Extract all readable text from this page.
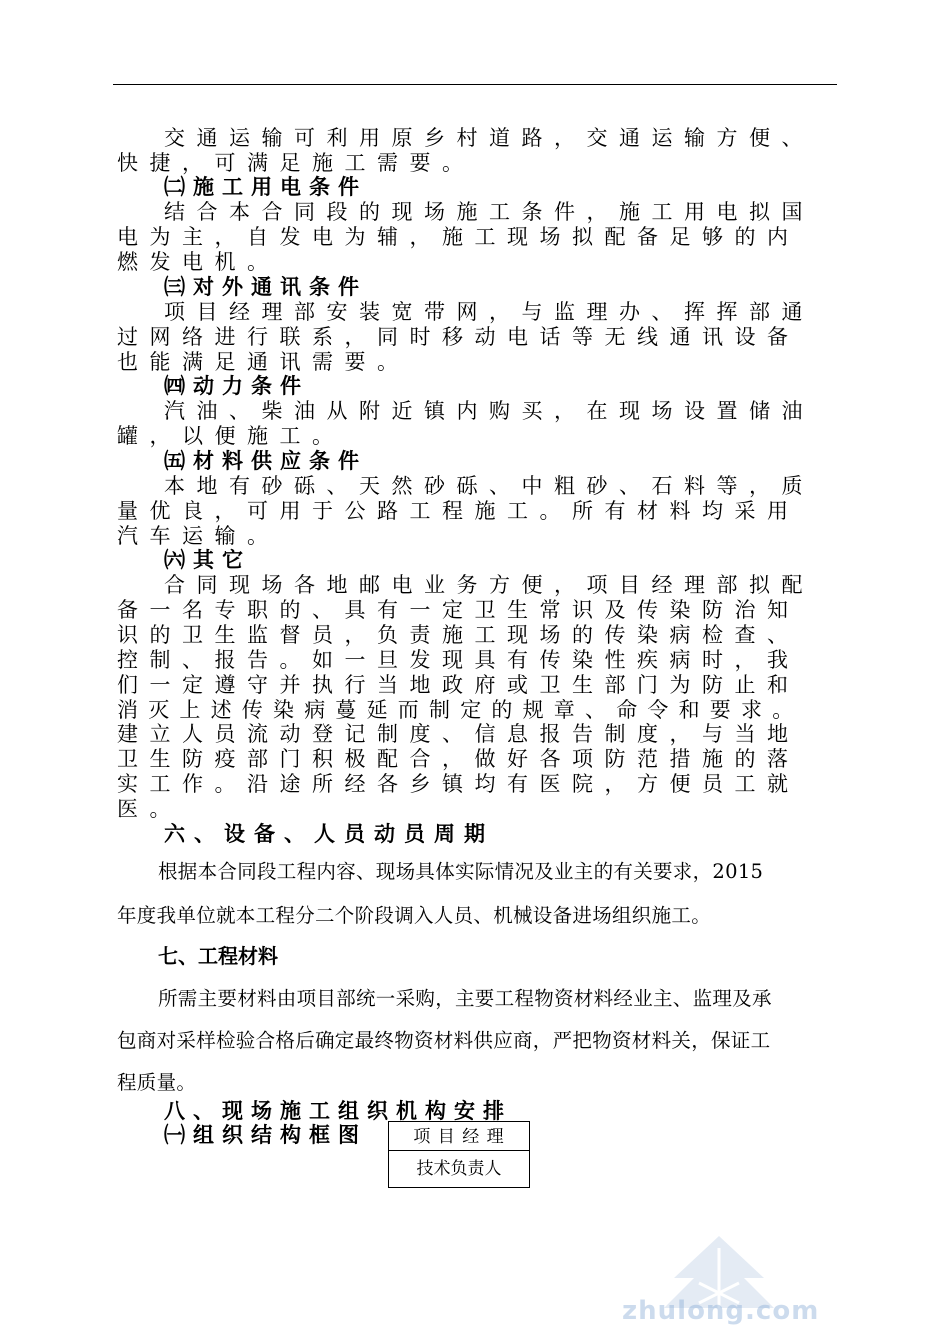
交通运输可利用原乡村道路，交通运输方便、
快捷，可满足施工需要。
㈡施工用电条件
结合本合同段的现场施工条件，施工用电拟国
电为主，自发电为辅，施工现场拟配备足够的内
燃发电机。
㈢对外通讯条件
项目经理部安装宽带网，与监理办、挥挥部通
过网络进行联系，同时移动电话等无线通讯设备
也能满足通讯需要。
㈣动力条件
汽油、柴油从附近镇内购买，在现场设置储油
罐，以便施工。
㈤材料供应条件
本地有砂砾、天然砂砾、中粗砂、石料等，质
量优良，可用于公路工程施工。所有材料均采用
汽车运输。
㈥其它
合同现场各地邮电业务方便，项目经理部拟配
备一名专职的、具有一定卫生常识及传染防治知
识的卫生监督员，负责施工现场的传染病检查、
控制、报告。如一旦发现具有传染性疾病时，我
们一定遵守并执行当地政府或卫生部门为防止和
消灭上述传染病蔓延而制定的规章、命令和要求。
建立人员流动登记制度、信息报告制度，与当地
卫生防疫部门积极配合，做好各项防范措施的落
实工作。沿途所经各乡镇均有医院，方便员工就
医。
六、设备、人员动员周期
根据本合同段工程内容、现场具体实际情况及业主的有关要求，2015
年度我单位就本工程分二个阶段调入人员、机械设备进场组织施工。
七、工程材料
所需主要材料由项目部统一采购，主要工程物资材料经业主、监理及承
包商对采样检验合格后确定最终物资材料供应商，严把物资材料关，保证工
程质量。
八、现场施工组织机构安排
㈠组织结构框图	项 目 经 理
技术负责人
zhulong.com
